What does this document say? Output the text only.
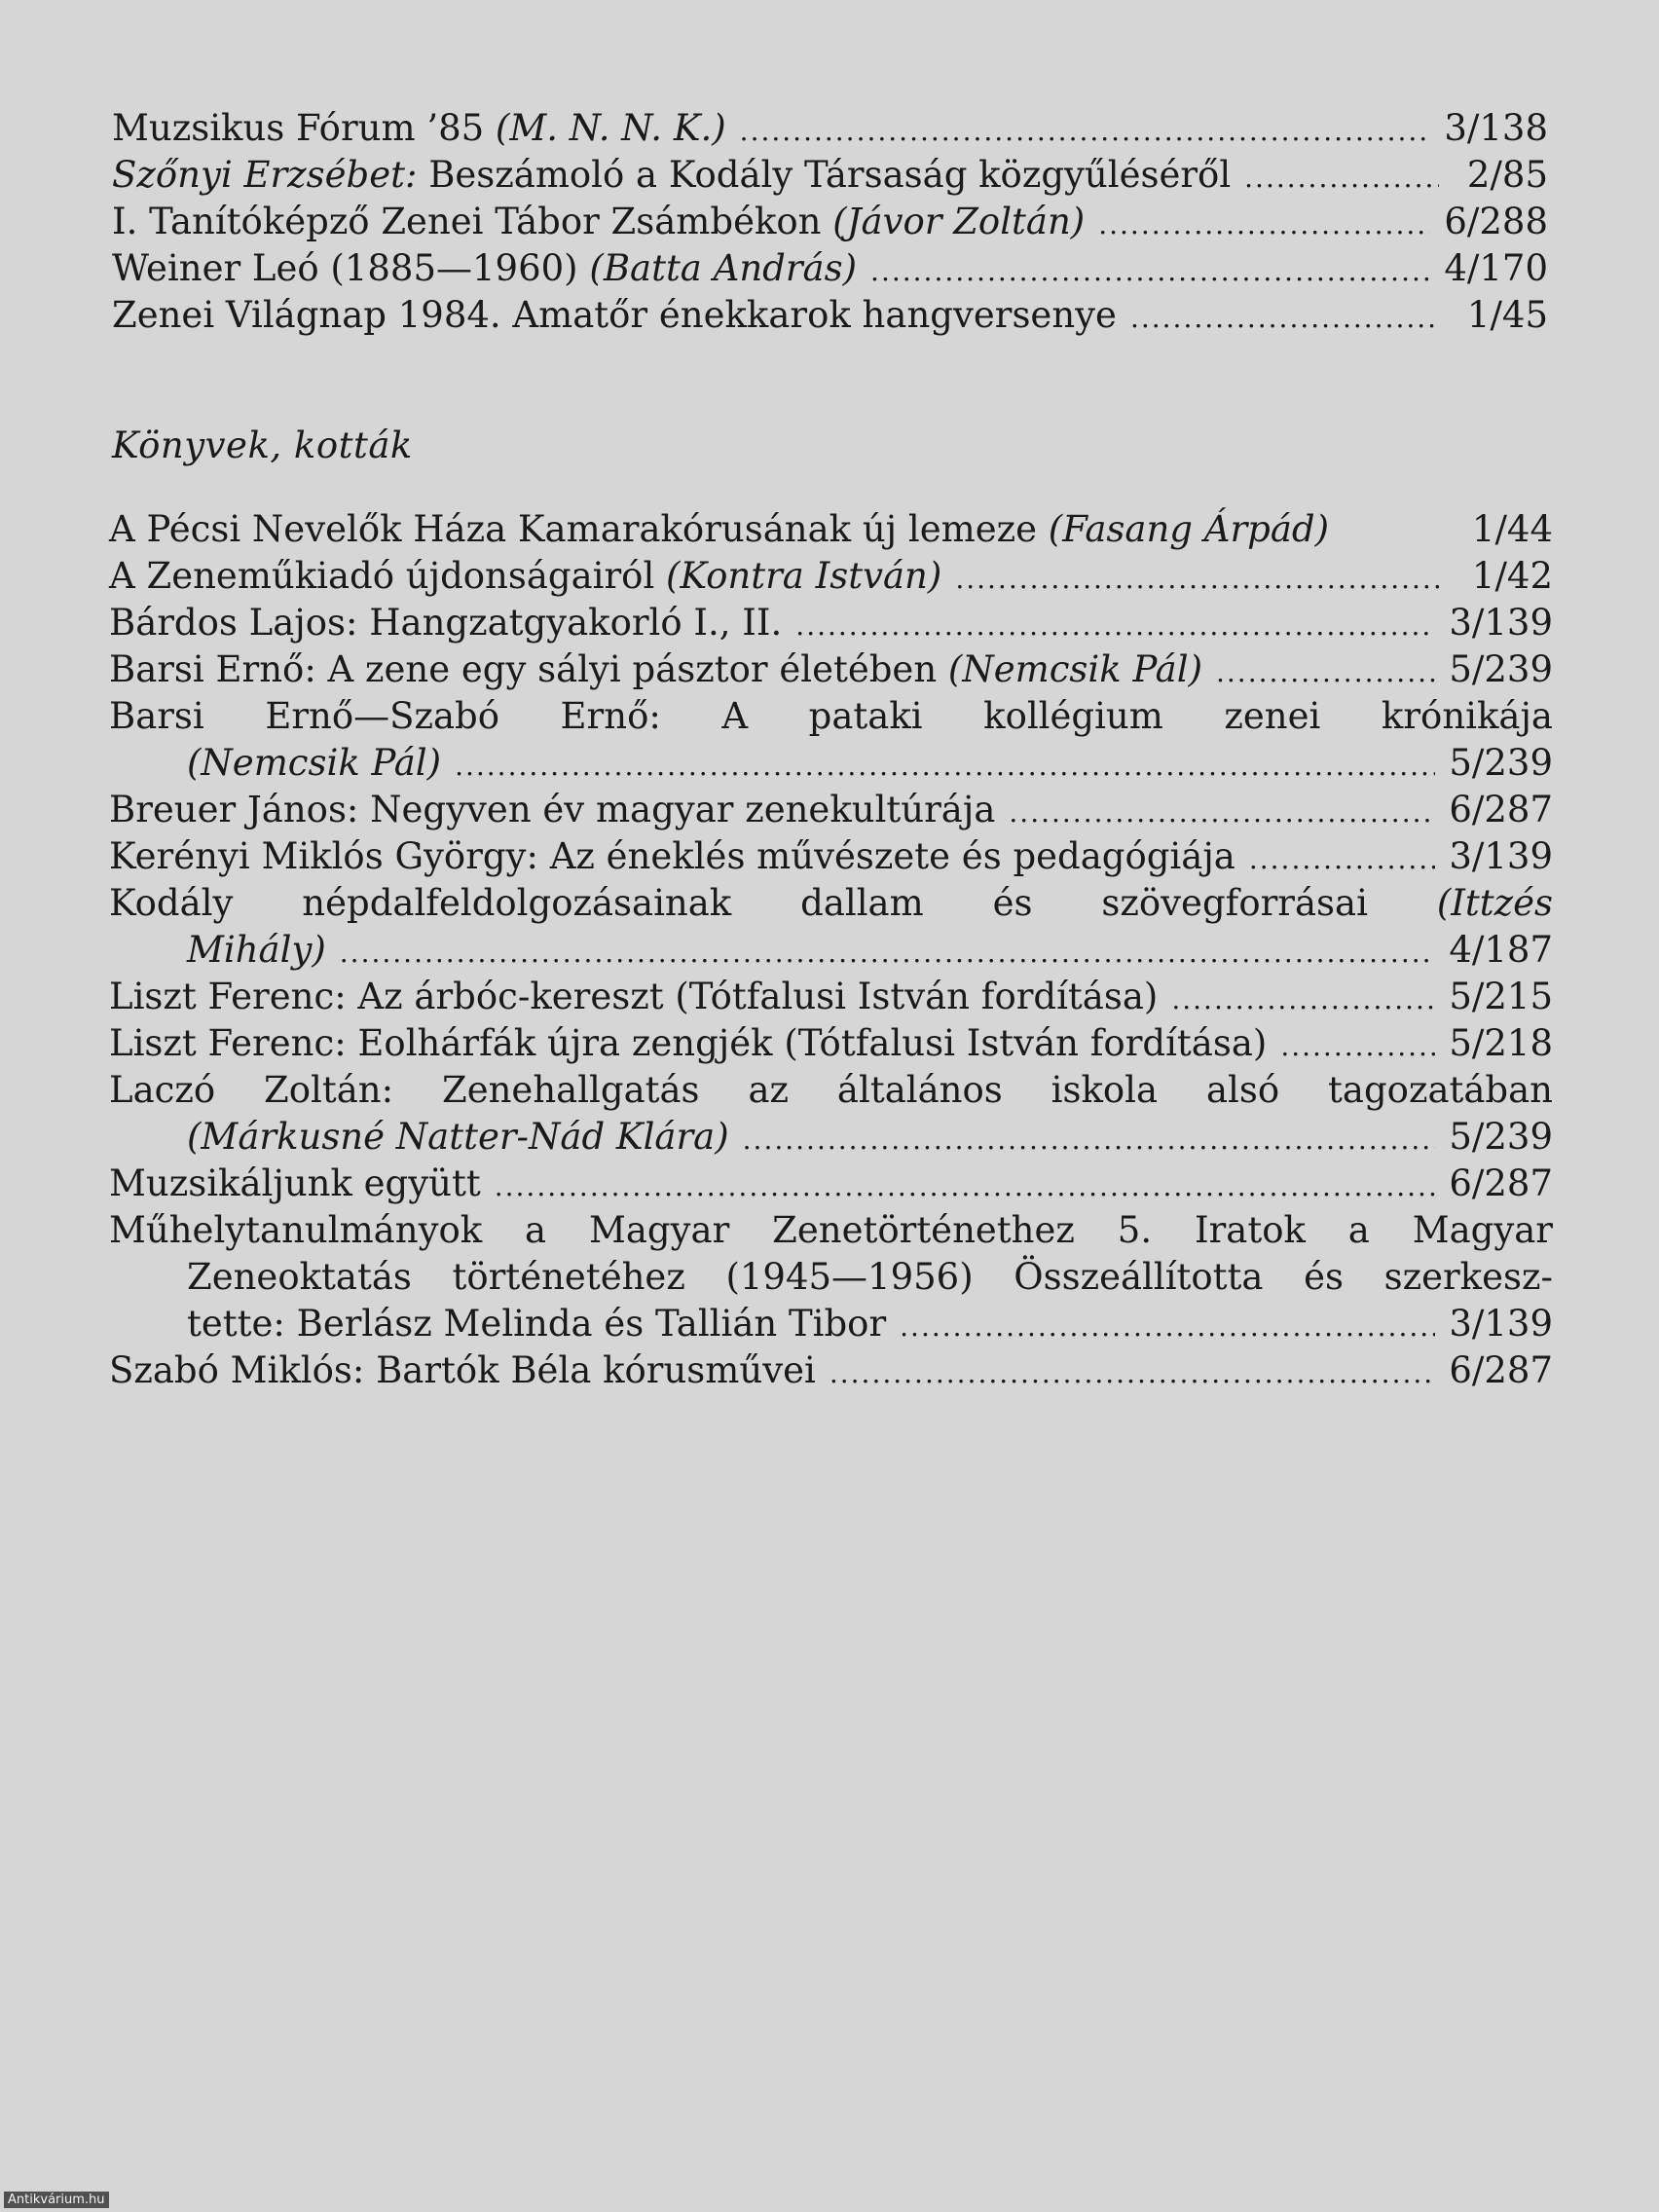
Muzsikus Fórum ’85 (M. N. N. K.) .....	3/138
Szőnyi Erzsébet: Beszámoló a Kodály Társaság közgyűléséről .....	2/85
I. Tanítóképző Zenei Tábor Zsámbékon (Jávor Zoltán) .....	6/288
Weiner Leó (1885—1960) (Batta András) .....	4/170
Zenei Világnap 1984. Amatőr énekkarok hangversenye .....	1/45
Könyvek, kották
A Pécsi Nevelők Háza Kamarakórusának új lemeze (Fasang Árpád)	1/44
A Zeneműkiadó újdonságairól (Kontra István) .....	1/42
Bárdos Lajos: Hangzatgyakorló I., II. .....	3/139
Barsi Ernő: A zene egy sályi pásztor életében (Nemcsik Pál) .....	5/239
Barsi Ernő—Szabó Ernő: A pataki kollégium zenei krónikája
(Nemcsik Pál) .....	5/239
Breuer János: Negyven év magyar zenekultúrája .....	6/287
Kerényi Miklós György: Az éneklés művészete és pedagógiája .....	3/139
Kodály népdalfeldolgozásainak dallam és szövegforrásai (Ittzés
Mihály) .....	4/187
Liszt Ferenc: Az árbóc-kereszt (Tótfalusi István fordítása) .....	5/215
Liszt Ferenc: Eolhárfák újra zengjék (Tótfalusi István fordítása) .....	5/218
Laczó Zoltán: Zenehallgatás az általános iskola alsó tagozatában
(Márkusné Natter-Nád Klára) .....	5/239
Muzsikáljunk együtt .....	6/287
Műhelytanulmányok a Magyar Zenetörténethez 5. Iratok a Magyar
Zeneoktatás történetéhez (1945—1956) Összeállította és szerkesz-
tette: Berlász Melinda és Tallián Tibor .....	3/139
Szabó Miklós: Bartók Béla kórusművei .....	6/287
Antikvárium.hu
